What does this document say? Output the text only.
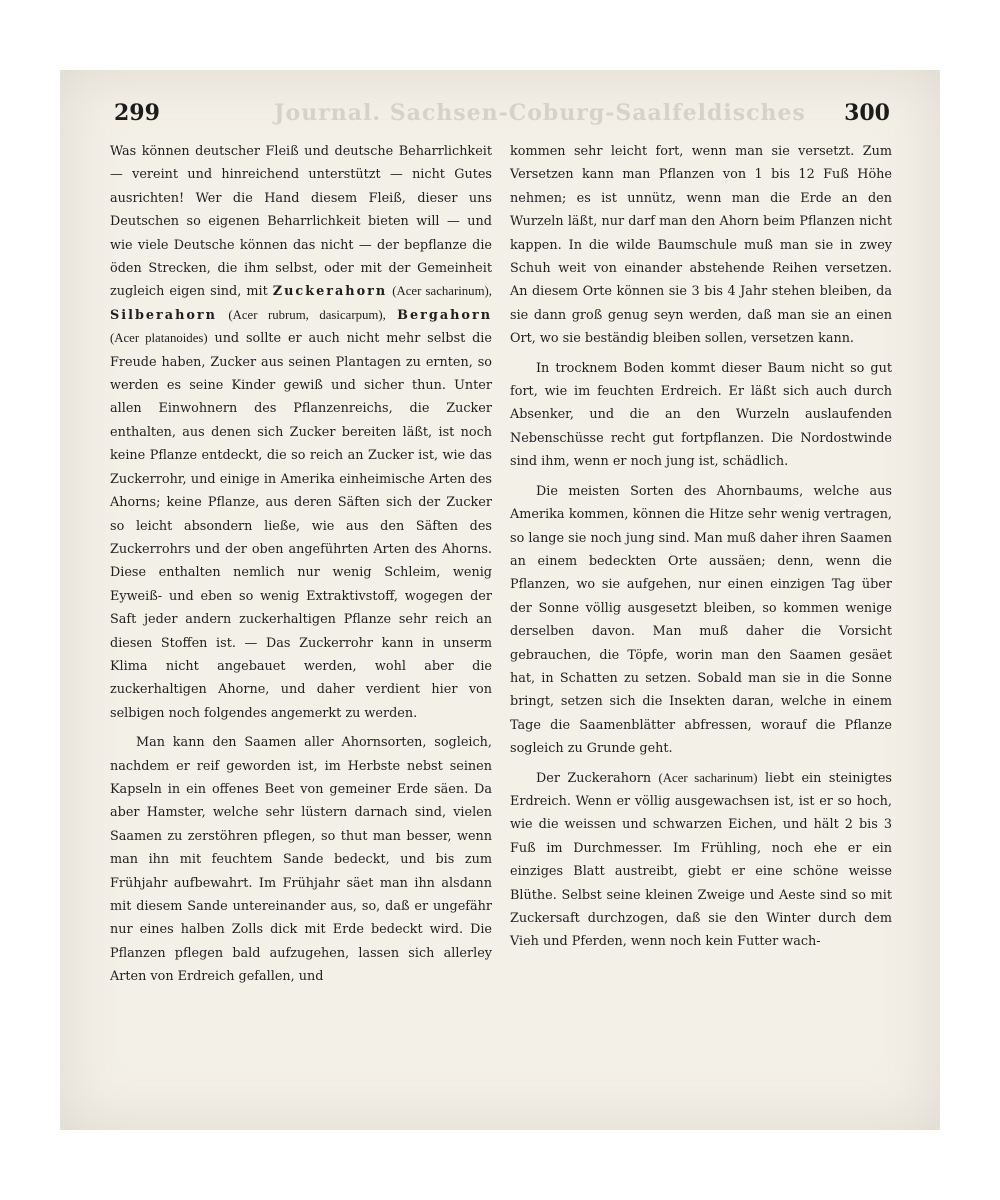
299	Journal. Sachsen-Coburg-Saalfeldisches	300

Was können deutscher Fleiß und deutsche Beharrlichkeit — vereint und hinreichend unterstützt — nicht Gutes ausrichten! Wer die Hand diesem Fleiß, dieser uns Deutschen so eigenen Beharrlichkeit bieten will — und wie viele Deutsche können das nicht — der bepflanze die öden Strecken, die ihm selbst, oder mit der Gemeinheit zugleich eigen sind, mit Zuckerahorn (Acer sacharinum), Silberahorn (Acer rubrum, dasicarpum), Bergahorn (Acer platanoides) und sollte er auch nicht mehr selbst die Freude haben, Zucker aus seinen Plantagen zu ernten, so werden es seine Kinder gewiß und sicher thun. Unter allen Einwohnern des Pflanzenreichs, die Zucker enthalten, aus denen sich Zucker bereiten läßt, ist noch keine Pflanze entdeckt, die so reich an Zucker ist, wie das Zuckerrohr, und einige in Amerika einheimische Arten des Ahorns; keine Pflanze, aus deren Säften sich der Zucker so leicht absondern ließe, wie aus den Säften des Zuckerrohrs und der oben angeführten Arten des Ahorns. Diese enthalten nemlich nur wenig Schleim, wenig Eyweiß- und eben so wenig Extraktivstoff, wogegen der Saft jeder andern zuckerhaltigen Pflanze sehr reich an diesen Stoffen ist. — Das Zuckerrohr kann in unserm Klima nicht angebauet werden, wohl aber die zuckerhaltigen Ahorne, und daher verdient hier von selbigen noch folgendes angemerkt zu werden.

Man kann den Saamen aller Ahornsorten, sogleich, nachdem er reif geworden ist, im Herbste nebst seinen Kapseln in ein offenes Beet von gemeiner Erde säen. Da aber Hamster, welche sehr lüstern darnach sind, vielen Saamen zu zerstöhren pflegen, so thut man besser, wenn man ihn mit feuchtem Sande bedeckt, und bis zum Frühjahr aufbewahrt. Im Frühjahr säet man ihn alsdann mit diesem Sande untereinander aus, so, daß er ungefähr nur eines halben Zolls dick mit Erde bedeckt wird. Die Pflanzen pflegen bald aufzugehen, lassen sich allerley Arten von Erdreich gefallen, und

kommen sehr leicht fort, wenn man sie versetzt. Zum Versetzen kann man Pflanzen von 1 bis 12 Fuß Höhe nehmen; es ist unnütz, wenn man die Erde an den Wurzeln läßt, nur darf man den Ahorn beim Pflanzen nicht kappen. In die wilde Baumschule muß man sie in zwey Schuh weit von einander abstehende Reihen versetzen. An diesem Orte können sie 3 bis 4 Jahr stehen bleiben, da sie dann groß genug seyn werden, daß man sie an einen Ort, wo sie beständig bleiben sollen, versetzen kann.

In trocknem Boden kommt dieser Baum nicht so gut fort, wie im feuchten Erdreich. Er läßt sich auch durch Absenker, und die an den Wurzeln auslaufenden Nebenschüsse recht gut fortpflanzen. Die Nordostwinde sind ihm, wenn er noch jung ist, schädlich.

Die meisten Sorten des Ahornbaums, welche aus Amerika kommen, können die Hitze sehr wenig vertragen, so lange sie noch jung sind. Man muß daher ihren Saamen an einem bedeckten Orte aussäen; denn, wenn die Pflanzen, wo sie aufgehen, nur einen einzigen Tag über der Sonne völlig ausgesetzt bleiben, so kommen wenige derselben davon. Man muß daher die Vorsicht gebrauchen, die Töpfe, worin man den Saamen gesäet hat, in Schatten zu setzen. Sobald man sie in die Sonne bringt, setzen sich die Insekten daran, welche in einem Tage die Saamenblätter abfressen, worauf die Pflanze sogleich zu Grunde geht.

Der Zuckerahorn (Acer sacharinum) liebt ein steinigtes Erdreich. Wenn er völlig ausgewachsen ist, ist er so hoch, wie die weissen und schwarzen Eichen, und hält 2 bis 3 Fuß im Durchmesser. Im Frühling, noch ehe er ein einziges Blatt austreibt, giebt er eine schöne weisse Blüthe. Selbst seine kleinen Zweige und Aeste sind so mit Zuckersaft durchzogen, daß sie den Winter durch dem Vieh und Pferden, wenn noch kein Futter wach-
